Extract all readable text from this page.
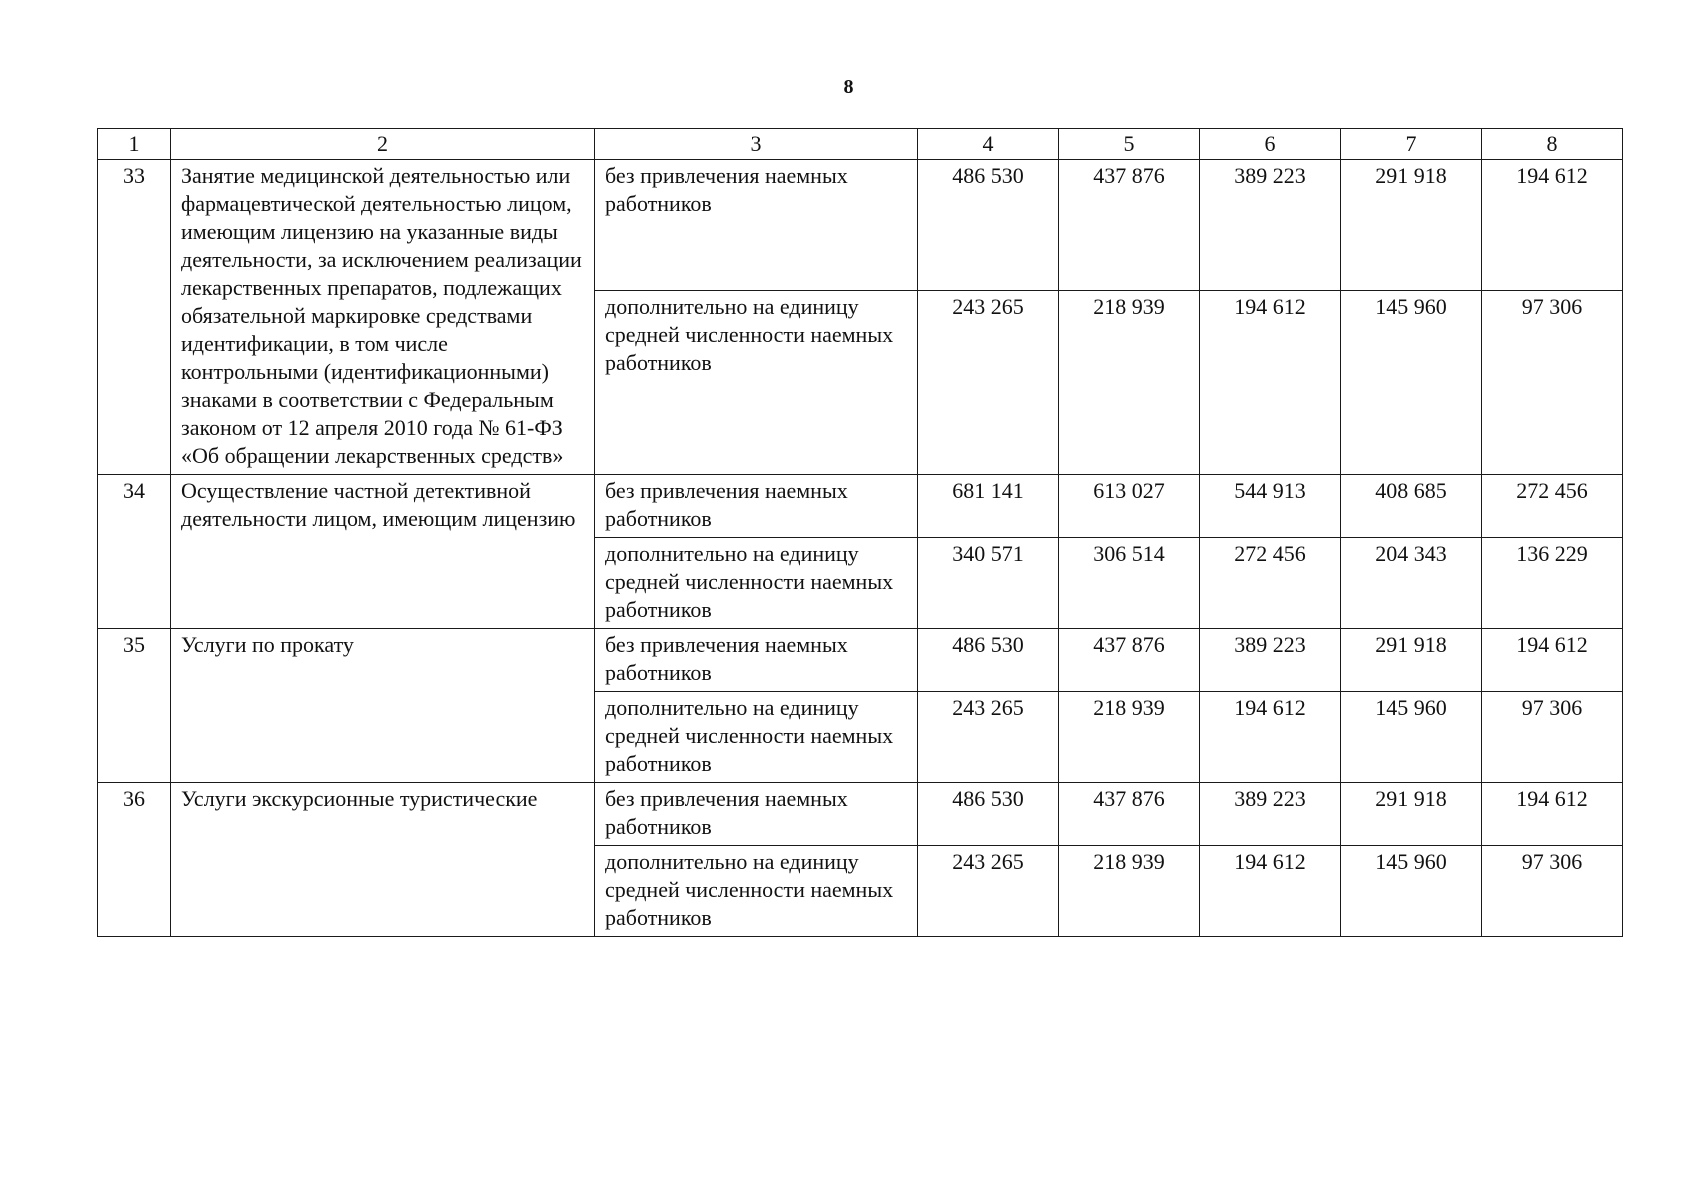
8
1	2	3	4	5	6	7	8
33	Занятие медицинской деятельностью или фармацевтической деятельностью лицом, имеющим лицензию на указанные виды деятельности, за исключением реализации лекарственных препаратов, подлежащих обязательной маркировке средствами идентификации, в том числе контрольными (идентификационными) знаками в соответствии с Федеральным законом от 12 апреля 2010 года № 61-ФЗ «Об обращении лекарственных средств»	без привлечения наемных работников	486 530	437 876	389 223	291 918	194 612
		дополнительно на единицу средней численности наемных работников	243 265	218 939	194 612	145 960	97 306
34	Осуществление частной детективной деятельности лицом, имеющим лицензию	без привлечения наемных работников	681 141	613 027	544 913	408 685	272 456
		дополнительно на единицу средней численности наемных работников	340 571	306 514	272 456	204 343	136 229
35	Услуги по прокату	без привлечения наемных работников	486 530	437 876	389 223	291 918	194 612
		дополнительно на единицу средней численности наемных работников	243 265	218 939	194 612	145 960	97 306
36	Услуги экскурсионные туристические	без привлечения наемных работников	486 530	437 876	389 223	291 918	194 612
		дополнительно на единицу средней численности наемных работников	243 265	218 939	194 612	145 960	97 306
